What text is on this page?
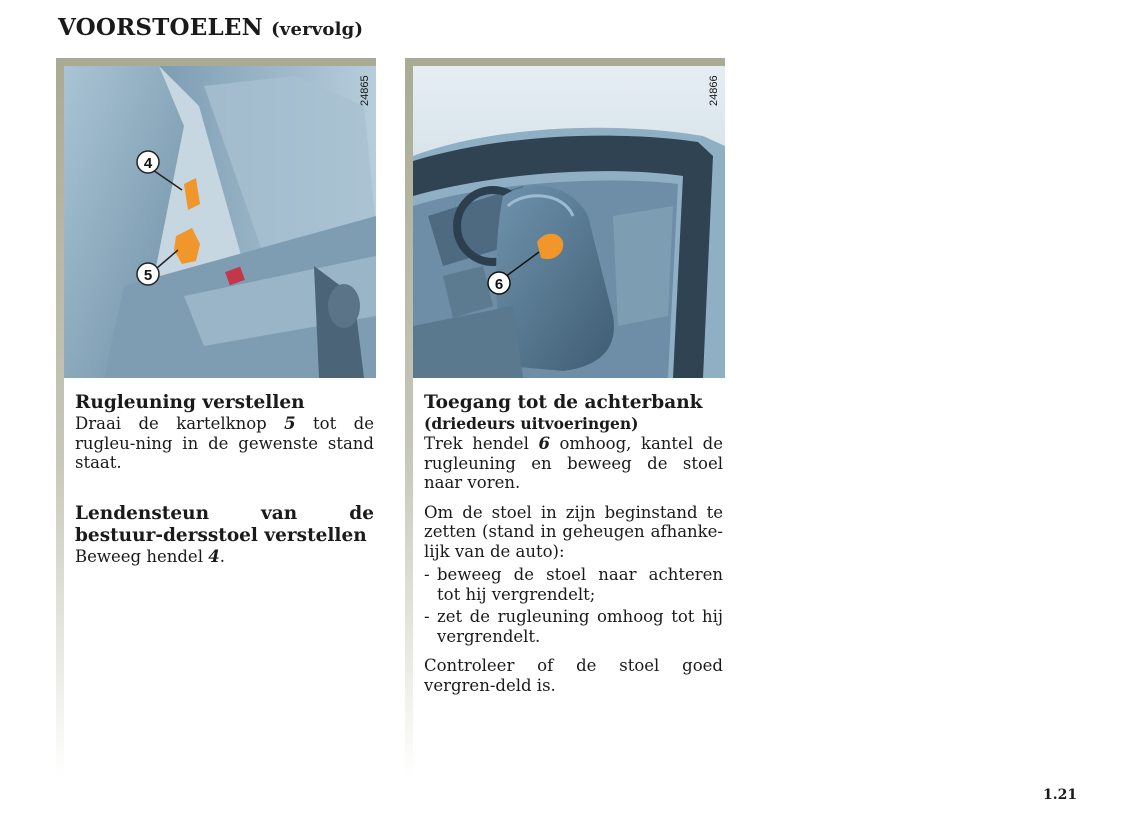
VOORSTOELEN (vervolg)
4
5
24865
Rugleuning verstellen

Draai de kartelknop 5 tot de rugleu-ning in de gewenste stand staat.

Lendensteun van de bestuur-dersstoel verstellen

Beweeg hendel 4.

6
24866
Toegang tot de achterbank
(driedeurs uitvoeringen)

Trek hendel 6 omhoog, kantel de rugleuning en beweeg de stoel naar voren.

Om de stoel in zijn beginstand te zetten (stand in geheugen afhanke-lijk van de auto):

- beweeg de stoel naar achteren tot hij vergrendelt;
- zet de rugleuning omhoog tot hij vergrendelt.

Controleer of de stoel goed vergren-deld is.

1.21
